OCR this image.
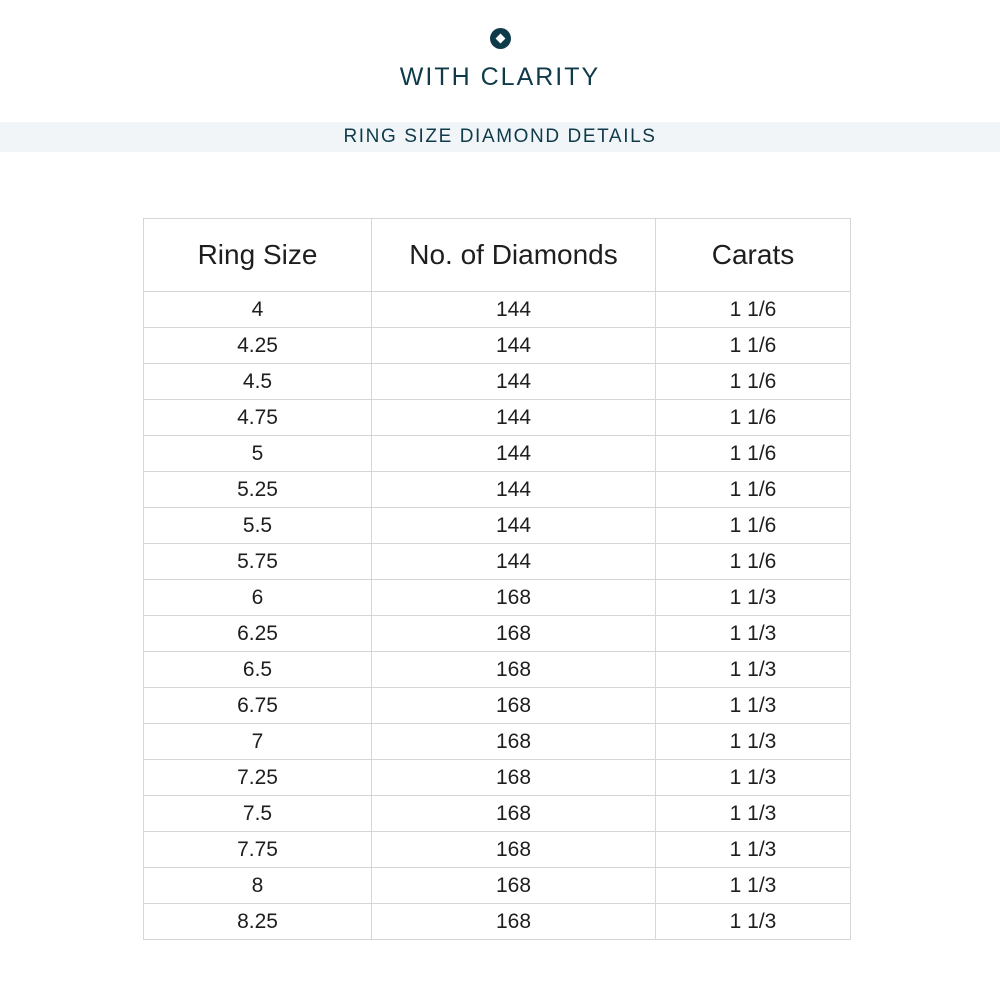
WITH CLARITY
RING SIZE DIAMOND DETAILS
Ring Size	No. of Diamonds	Carats
4	144	1 1/6
4.25	144	1 1/6
4.5	144	1 1/6
4.75	144	1 1/6
5	144	1 1/6
5.25	144	1 1/6
5.5	144	1 1/6
5.75	144	1 1/6
6	168	1 1/3
6.25	168	1 1/3
6.5	168	1 1/3
6.75	168	1 1/3
7	168	1 1/3
7.25	168	1 1/3
7.5	168	1 1/3
7.75	168	1 1/3
8	168	1 1/3
8.25	168	1 1/3
